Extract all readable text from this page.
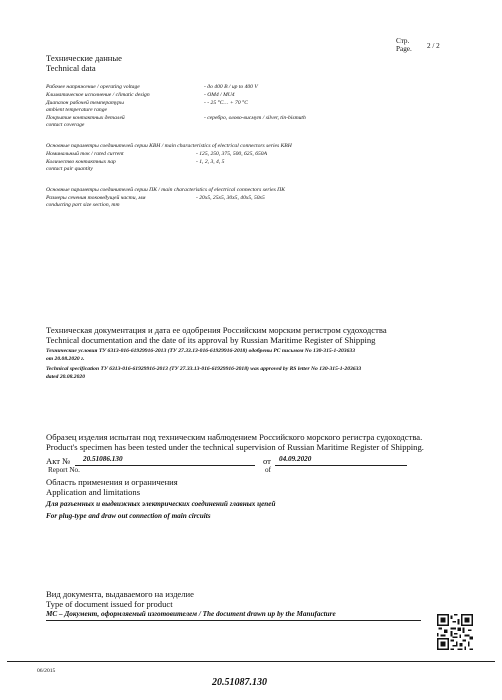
Стр.
Page. 2 / 2
Технические данные
Technical data
Рабочее напряжение / operating voltage	- до 400 В / up to 400 V
Климатическое исполнение / climatic design	- ОМ4 / MU4
Диапазон рабочей температуры
ambient temperature range
- - 25 °С… + 70 °С
Покрытие контактных деталей
contact coverage
- серебро, олово-висмут / silver, tin-bismuth
Основные параметры соединителей серии КВН / main characteristics of electrical connectors series KBH
Номинальный ток / rated current	- 125, 250, 375, 500, 625, 650А
Количество контактных пар
contact pair quantity
- 1, 2, 3, 4, 5
Основные параметры соединителей серии ПК / main characteristics of electrical connectors series ПК
Размеры сечения токоведущей части, мм
conducting part size section, mm
- 20х5, 25х5, 30х5, 40х5, 50х5
Техническая документация и дата ее одобрения Российским морским регистром судоходства
Technical documentation and the date of its approval by Russian Maritime Register of Shipping
Технические условия ТУ 6313-016-61929916-2013 (ТУ 27.33.13-016-61929916-2018) одобрены РС письмом No 130-315-1-203633
от 20.08.2020 г.
Technical specification ТУ 6313-016-61929916-2013 (ТУ 27.33.13-016-61929916-2018) was approved by RS letter No 130-315-1-203633
dated 20.08.2020
Образец изделия испытан под техническим наблюдением Российского морского регистра судоходства.
Product's specimen has been tested under the technical supervision of Russian Maritime Register of Shipping.
Акт №
Report No.
20.51086.130	от
of
04.09.2020
Область применения и ограничения
Application and limitations
Для разъемных и выдвижных электрических соединений главных цепей
For plug-type and draw out connection of main circuits
Вид документа, выдаваемого на изделие
Type of document issued for product
МС – Документ, оформляемый изготовителем / The document drawn up by the Manufacture
06/2015
20.51087.130
